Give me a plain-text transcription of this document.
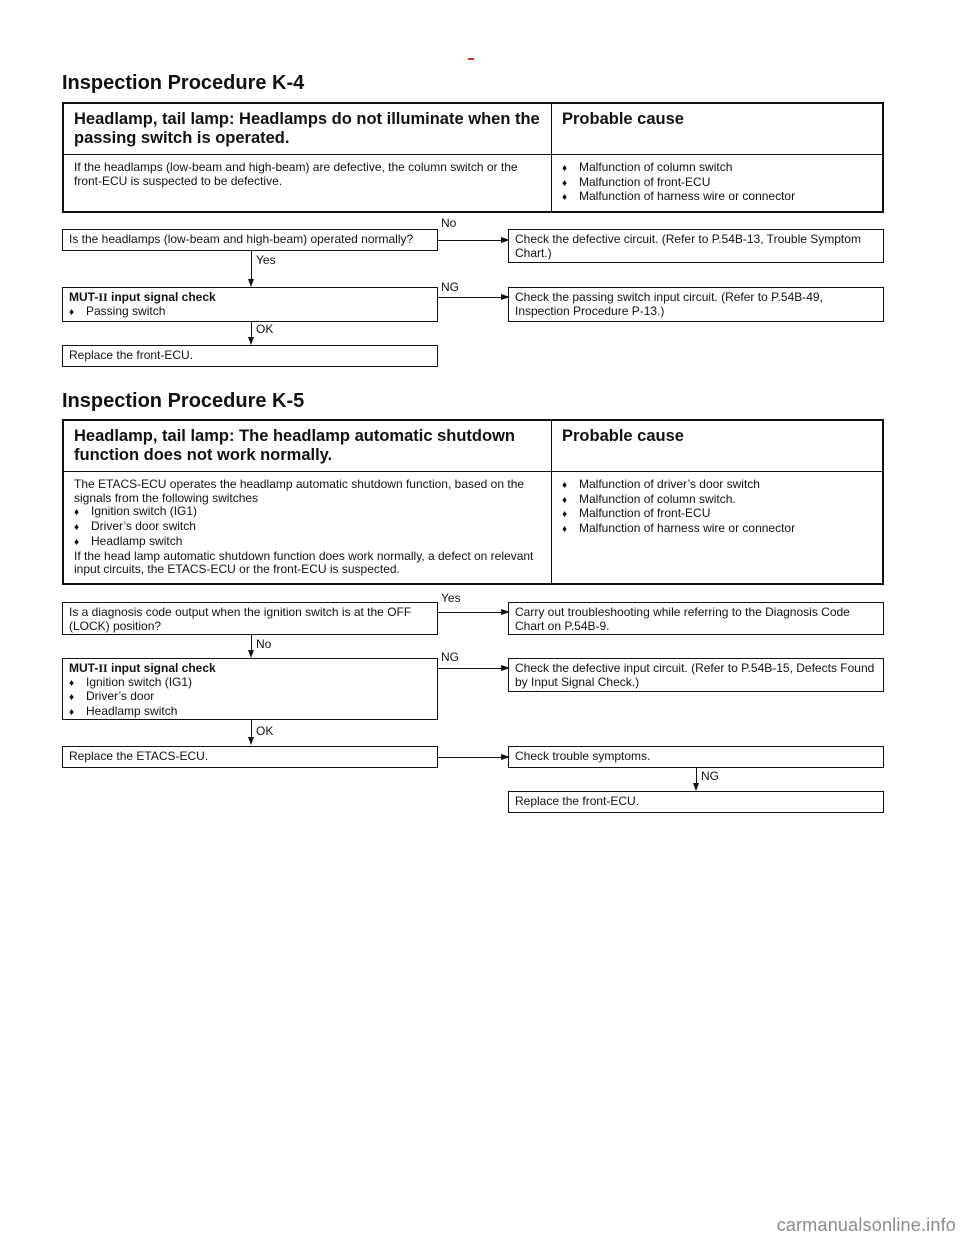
Inspection Procedure K-4
Headlamp, tail lamp: Headlamps do not illuminate when the passing switch is operated.
Probable cause
If the headlamps (low-beam and high-beam) are defective, the column switch or the front-ECU is suspected to be defective.
♦ Malfunction of column switch
♦ Malfunction of front-ECU
♦ Malfunction of harness wire or connector
Is the headlamps (low-beam and high-beam) operated normally?
No
Check the defective circuit. (Refer to P.54B-13, Trouble Symptom Chart.)
Yes
MUT-II input signal check
♦ Passing switch
NG
Check the passing switch input circuit. (Refer to P.54B-49, Inspection Procedure P-13.)
OK
Replace the front-ECU.
Inspection Procedure K-5
Headlamp, tail lamp: The headlamp automatic shutdown function does not work normally.
Probable cause
The ETACS-ECU operates the headlamp automatic shutdown function, based on the signals from the following switches
♦ Ignition switch (IG1)
♦ Driver’s door switch
♦ Headlamp switch
If the head lamp automatic shutdown function does work normally, a defect on relevant input circuits, the ETACS-ECU or the front-ECU is suspected.
♦ Malfunction of driver’s door switch
♦ Malfunction of column switch.
♦ Malfunction of front-ECU
♦ Malfunction of harness wire or connector
Is a diagnosis code output when the ignition switch is at the OFF (LOCK) position?
Yes
Carry out troubleshooting while referring to the Diagnosis Code Chart on P.54B-9.
No
MUT-II input signal check
♦ Ignition switch (IG1)
♦ Driver’s door
♦ Headlamp switch
NG
Check the defective input circuit. (Refer to P.54B-15, Defects Found by Input Signal Check.)
OK
Replace the ETACS-ECU.	Check trouble symptoms.
NG
Replace the front-ECU.
carmanualsonline.info
